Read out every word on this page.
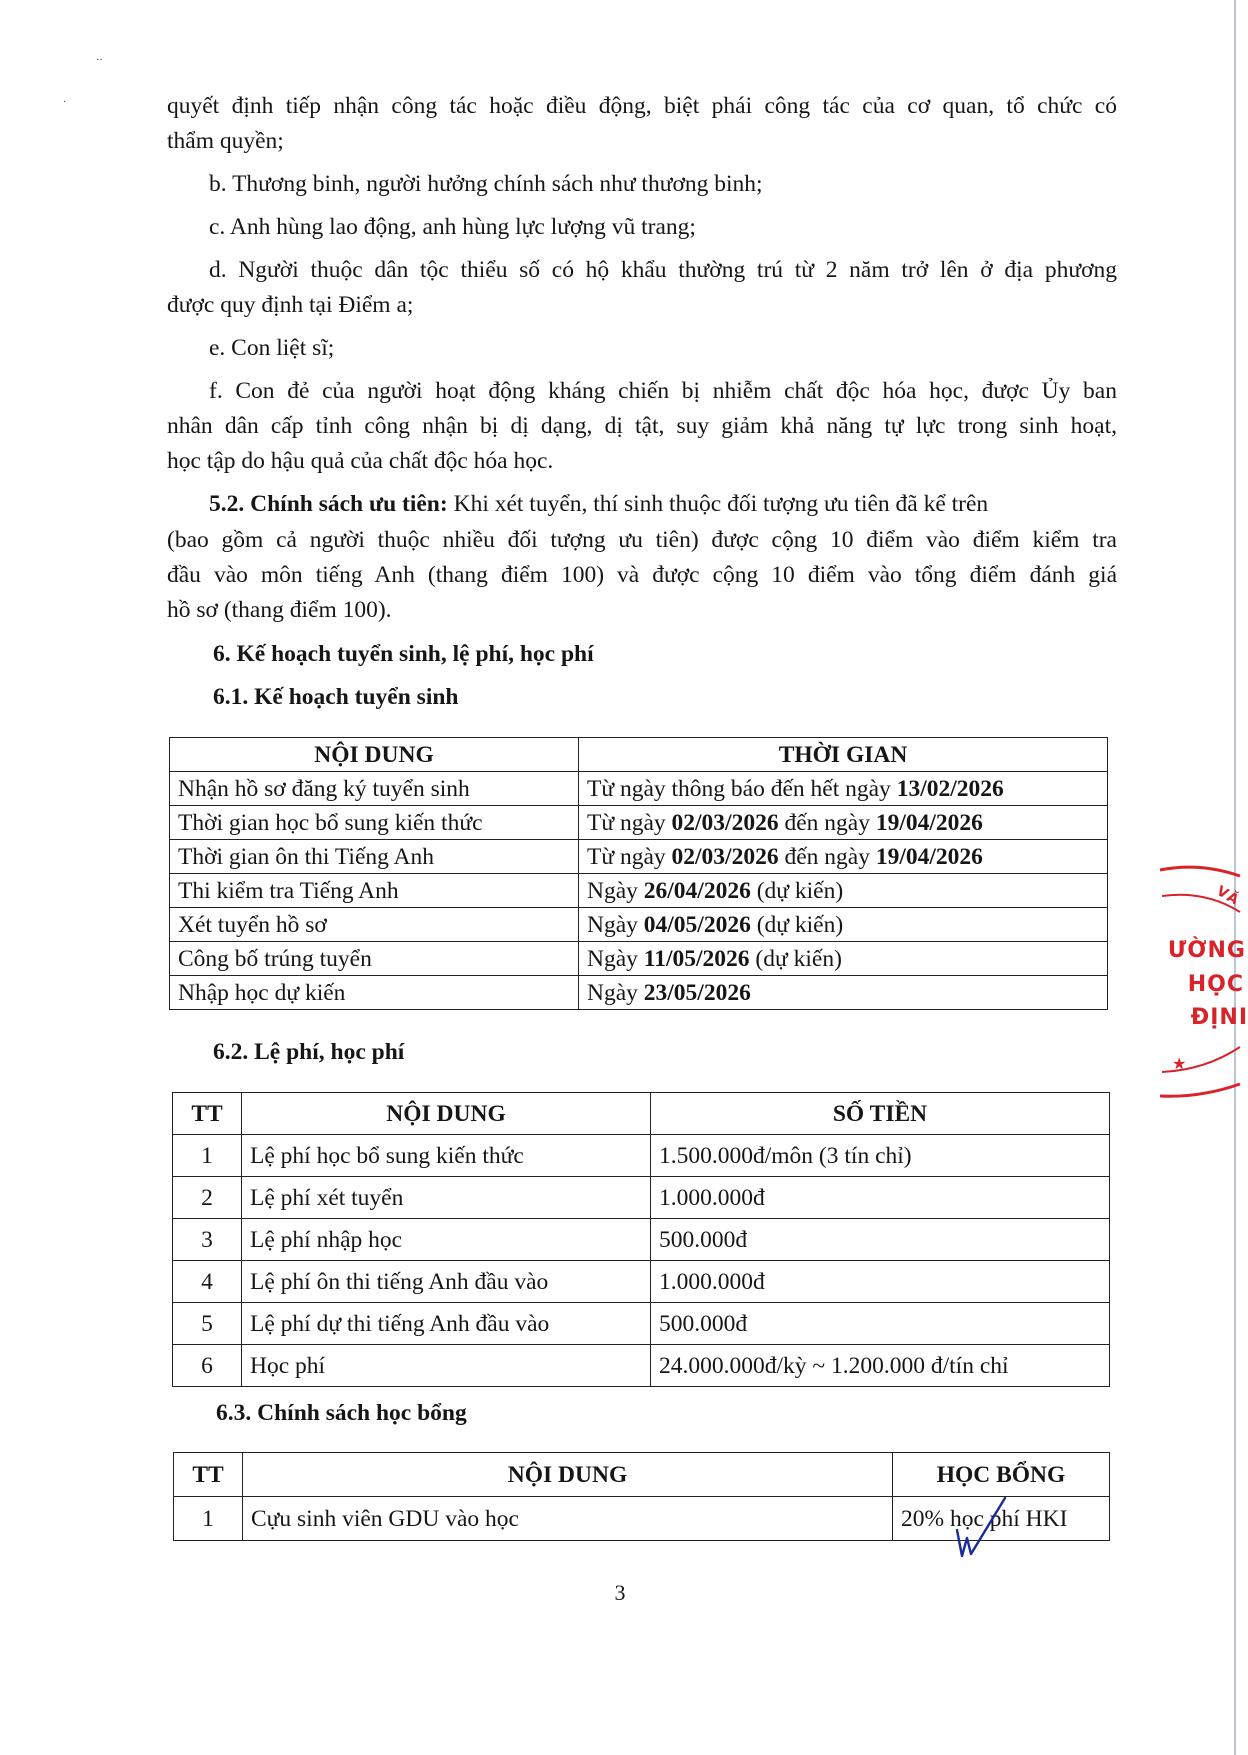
··
·	quyết định tiếp nhận công tác hoặc điều động, biệt phái công tác của cơ quan, tổ chức có
thẩm quyền;
b. Thương binh, người hưởng chính sách như thương binh;
c. Anh hùng lao động, anh hùng lực lượng vũ trang;
d. Người thuộc dân tộc thiểu số có hộ khẩu thường trú từ 2 năm trở lên ở địa phương
được quy định tại Điểm a;
e. Con liệt sĩ;
f. Con đẻ của người hoạt động kháng chiến bị nhiễm chất độc hóa học, được Ủy ban
nhân dân cấp tỉnh công nhận bị dị dạng, dị tật, suy giảm khả năng tự lực trong sinh hoạt,
học tập do hậu quả của chất độc hóa học.
5.2. Chính sách ưu tiên: Khi xét tuyển, thí sinh thuộc đối tượng ưu tiên đã kể trên
(bao gồm cả người thuộc nhiều đối tượng ưu tiên) được cộng 10 điểm vào điểm kiểm tra
đầu vào môn tiếng Anh (thang điểm 100) và được cộng 10 điểm vào tổng điểm đánh giá
hồ sơ (thang điểm 100).
6. Kế hoạch tuyển sinh, lệ phí, học phí
6.1. Kế hoạch tuyển sinh
6.2. Lệ phí, học phí
6.3. Chính sách học bổng
NỘI DUNG	THỜI GIAN
Nhận hồ sơ đăng ký tuyển sinh	Từ ngày thông báo đến hết ngày 13/02/2026
Thời gian học bổ sung kiến thức	Từ ngày 02/03/2026 đến ngày 19/04/2026
Thời gian ôn thi Tiếng Anh	Từ ngày 02/03/2026 đến ngày 19/04/2026
Thi kiểm tra Tiếng Anh	Ngày 26/04/2026 (dự kiến)
Xét tuyển hồ sơ	Ngày 04/05/2026 (dự kiến)
Công bố trúng tuyển	Ngày 11/05/2026 (dự kiến)
Nhập học dự kiến	Ngày 23/05/2026
TT	NỘI DUNG	SỐ TIỀN
1	Lệ phí học bổ sung kiến thức	1.500.000đ/môn (3 tín chỉ)
2	Lệ phí xét tuyển	1.000.000đ
3	Lệ phí nhập học	500.000đ
4	Lệ phí ôn thi tiếng Anh đầu vào	1.000.000đ
5	Lệ phí dự thi tiếng Anh đầu vào	500.000đ
6	Học phí	24.000.000đ/kỳ ~ 1.200.000 đ/tín chỉ
TT	NỘI DUNG	HỌC BỔNG
1	Cựu sinh viên GDU vào học	20% học phí HKI
VĂ
ƯỜNG
HỌC
ĐỊNI
★
3
